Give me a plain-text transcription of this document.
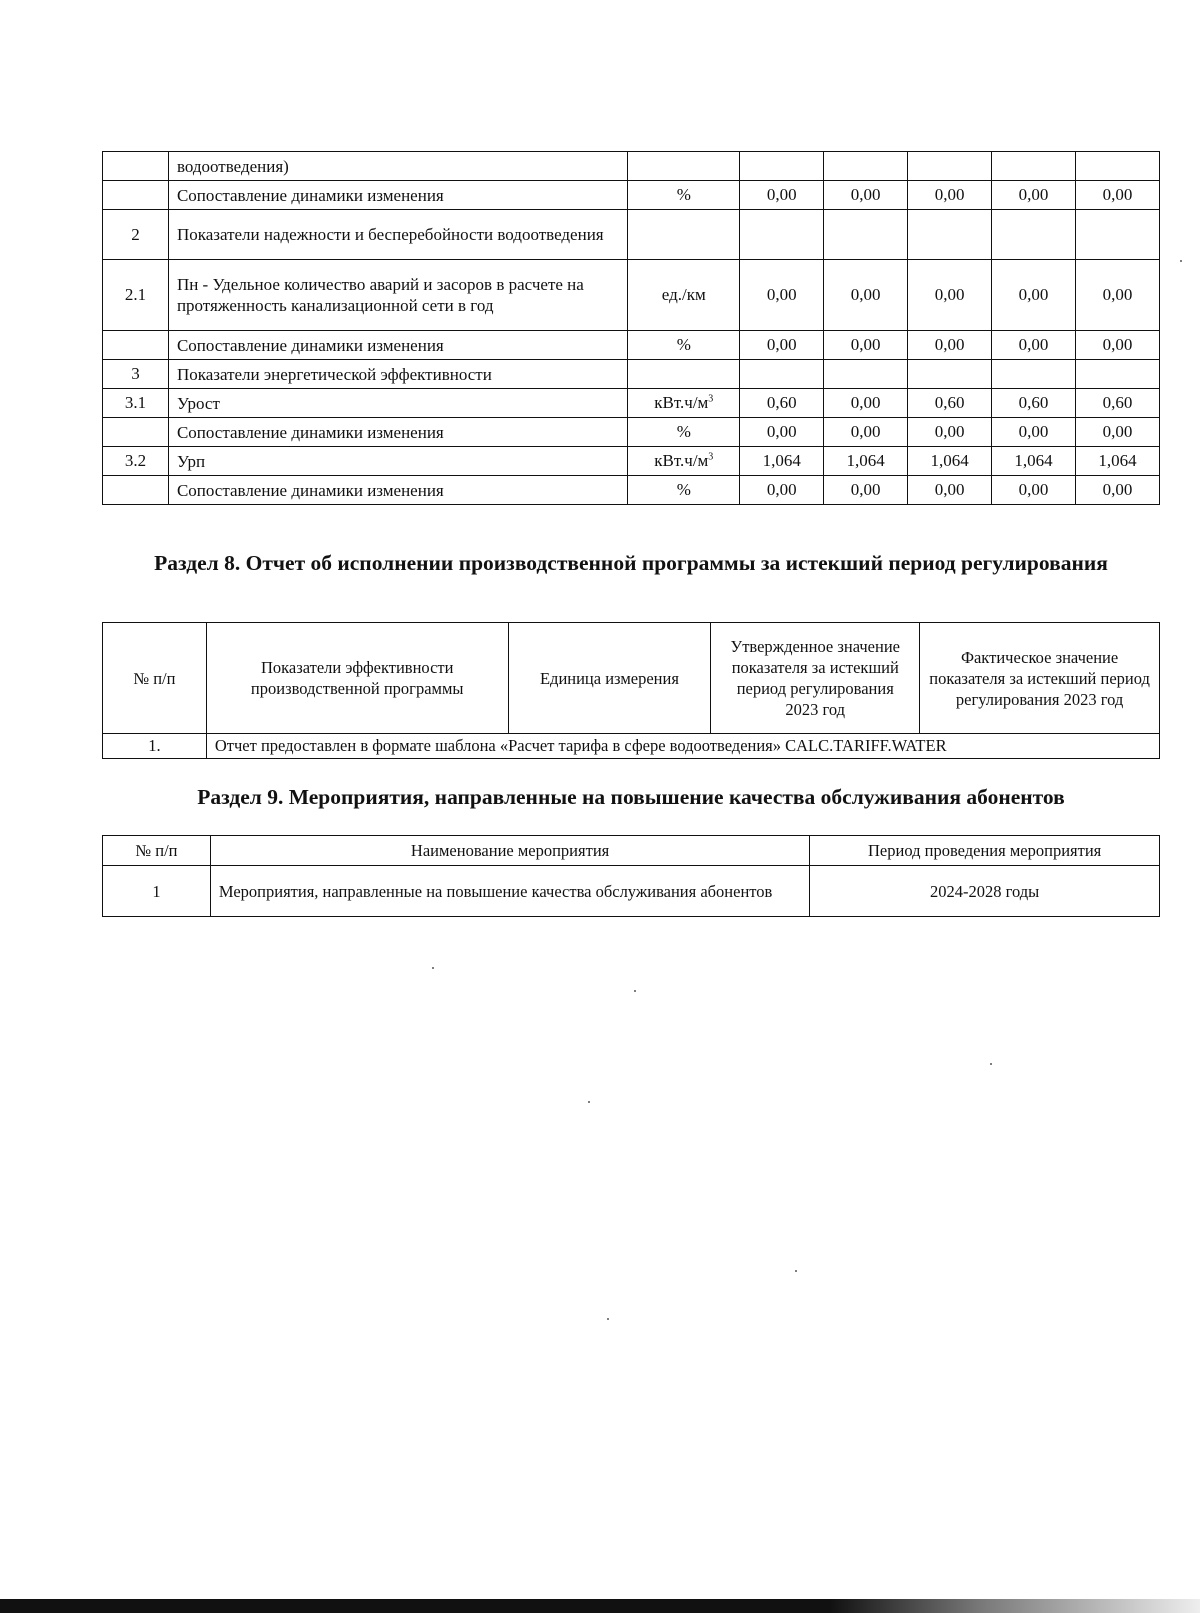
	водоотведения)						
	Сопоставление динамики изменения	%	0,00	0,00	0,00	0,00	0,00
2	Показатели надежности и бесперебойности водоотведения						
2.1	Пн - Удельное количество аварий и засоров в расчете на протяженность канализационной сети в год	ед./км	0,00	0,00	0,00	0,00	0,00
	Сопоставление динамики изменения	%	0,00	0,00	0,00	0,00	0,00
3	Показатели энергетической эффективности						
3.1	Урост	$кВт.ч/м^3$	0,60	0,00	0,60	0,60	0,60
	Сопоставление динамики изменения	%	0,00	0,00	0,00	0,00	0,00
3.2	Урп	$кВт.ч/м^3$	1,064	1,064	1,064	1,064	1,064
	Сопоставление динамики изменения	%	0,00	0,00	0,00	0,00	0,00
Раздел 8. Отчет об исполнении производственной программы за истекший период регулирования
№ п/п	Показатели эффективности производственной программы	Единица измерения	Утвержденное значение показателя за истекший период регулирования 2023 год	Фактическое значение показателя за истекший период регулирования 2023 год
1.	Отчет предоставлен в формате шаблона «Расчет тарифа в сфере водоотведения» CALC.TARIFF.WATER			
Раздел 9. Мероприятия, направленные на повышение качества обслуживания абонентов
№ п/п	Наименование мероприятия	Период проведения мероприятия
1	Мероприятия, направленные на повышение качества обслуживания абонентов	2024-2028 годы
